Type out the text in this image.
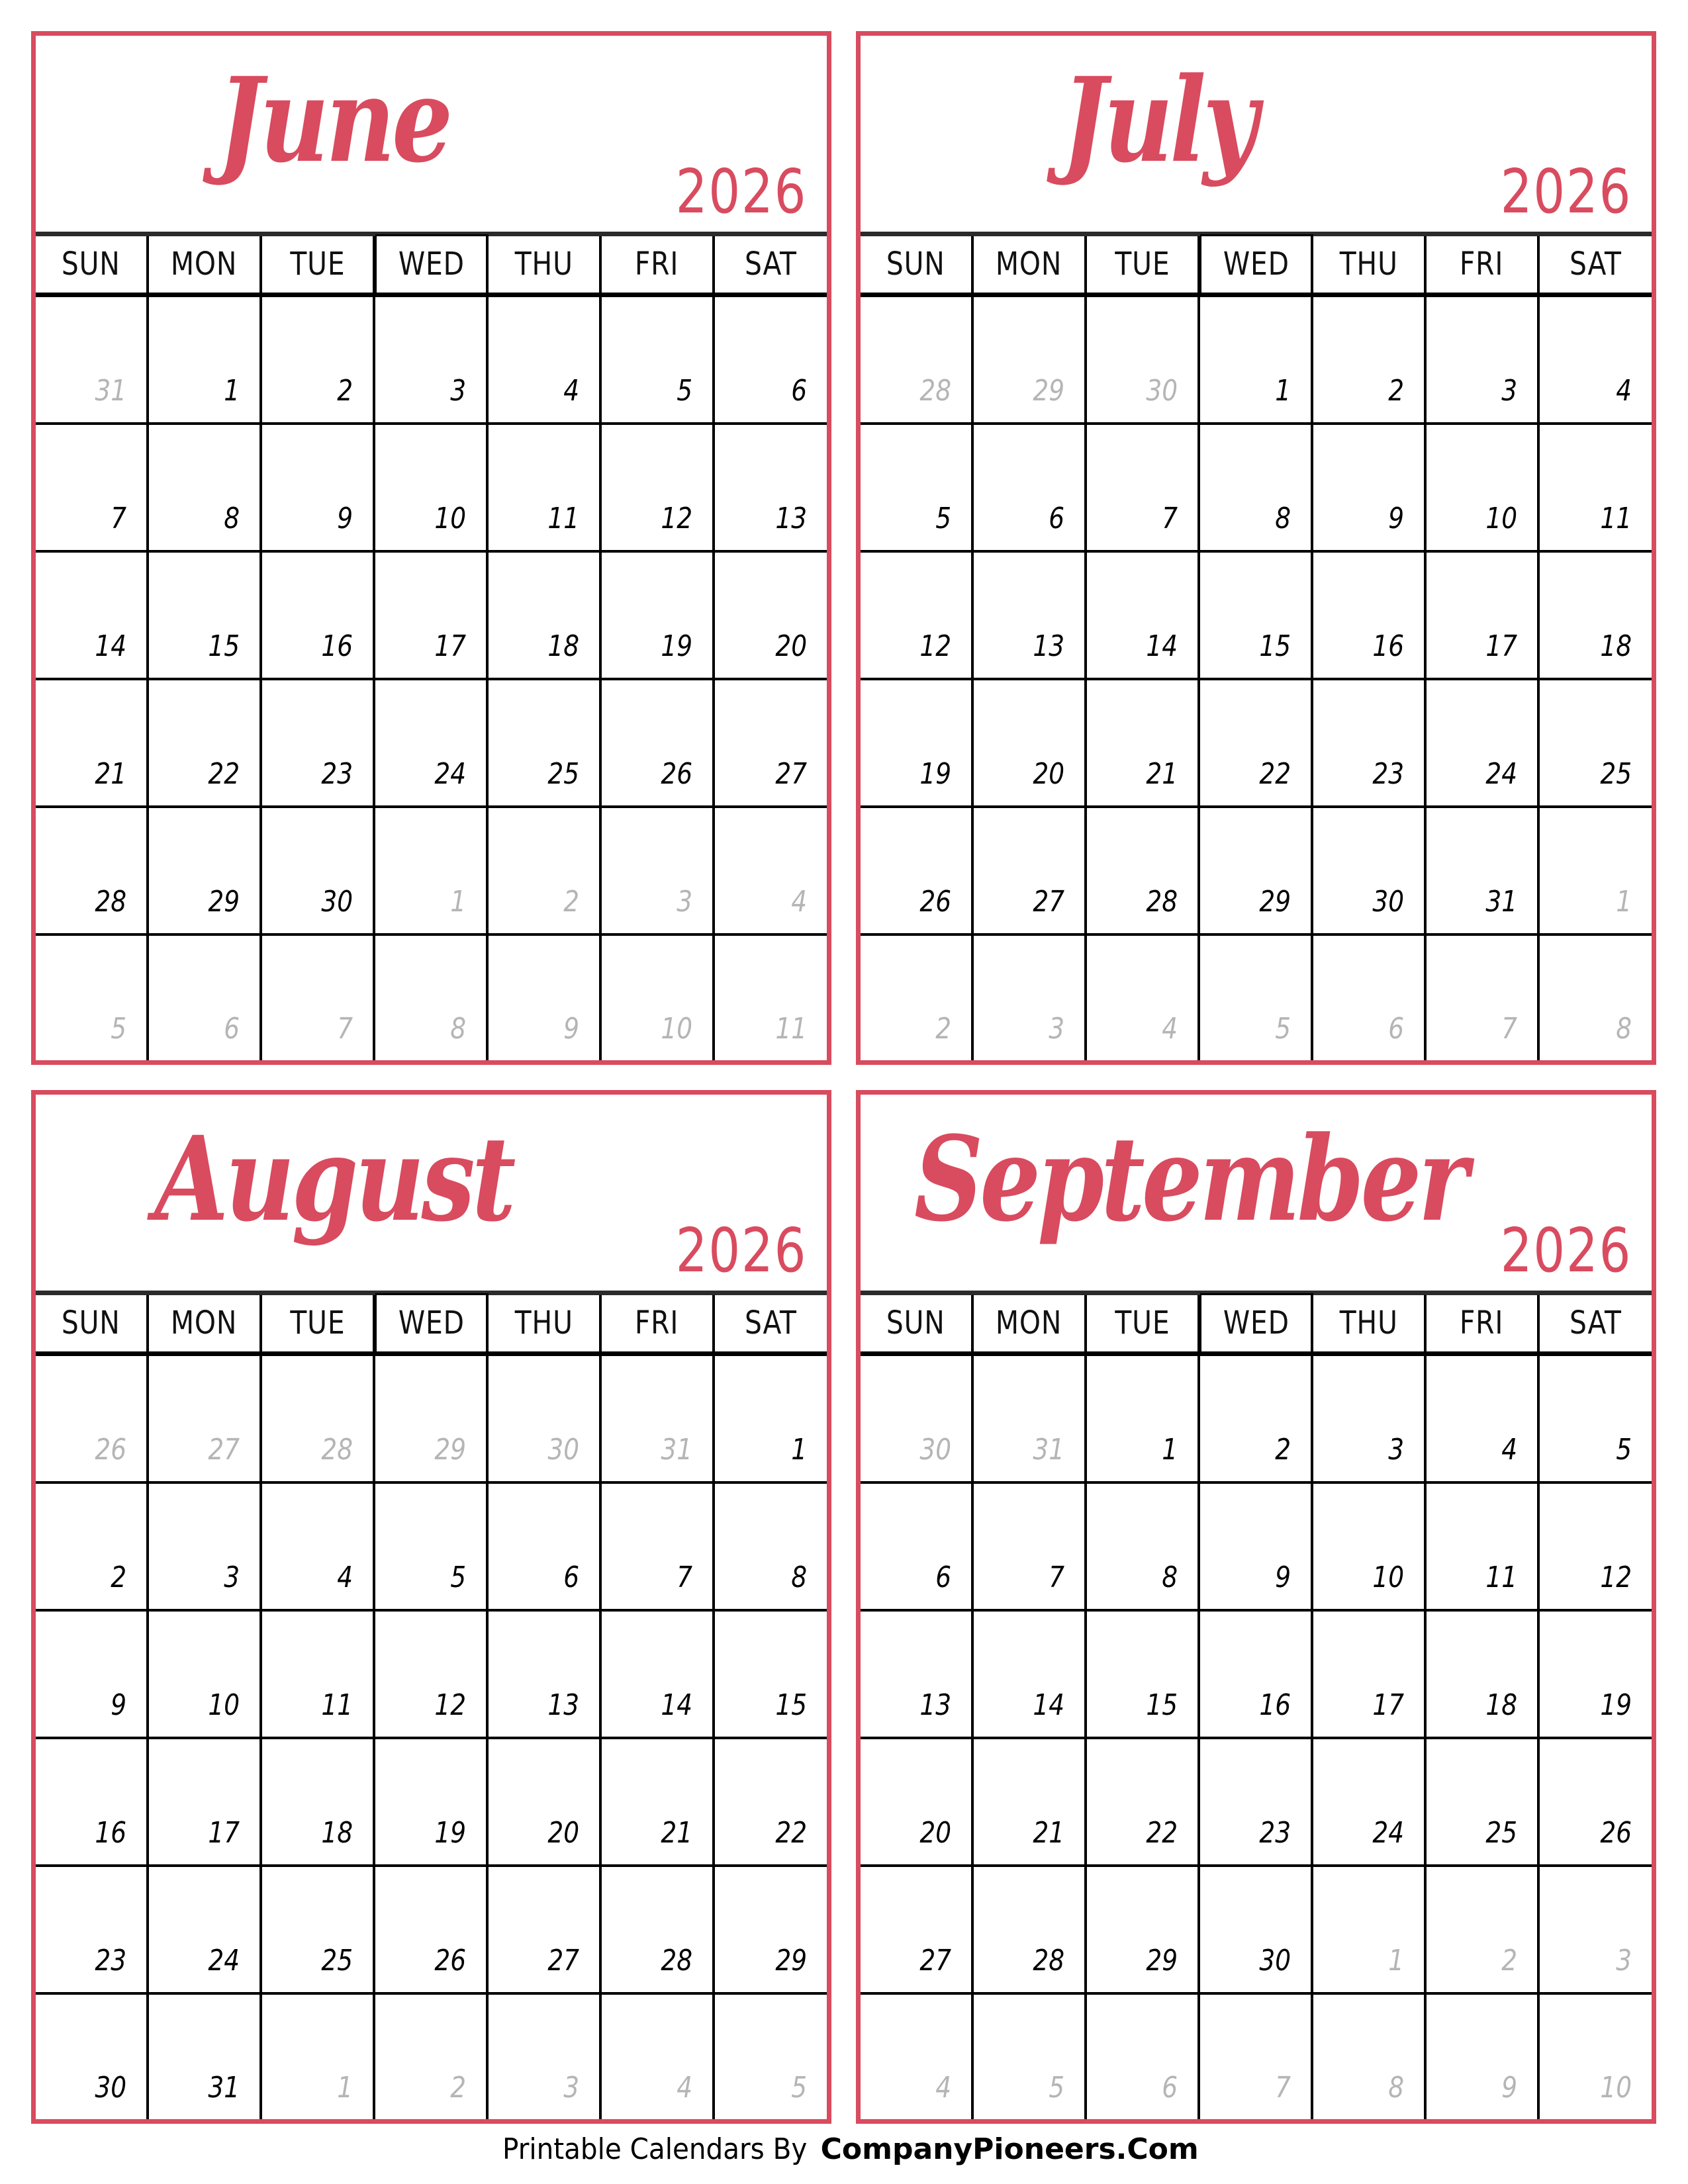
June
2026
SUN	MON	TUE	WED	THU	FRI	SAT
31	1	2	3	4	5	6
7	8	9	10	11	12	13
14	15	16	17	18	19	20
21	22	23	24	25	26	27
28	29	30	1	2	3	4
5	6	7	8	9	10	11
July
2026
SUN	MON	TUE	WED	THU	FRI	SAT
28	29	30	1	2	3	4
5	6	7	8	9	10	11
12	13	14	15	16	17	18
19	20	21	22	23	24	25
26	27	28	29	30	31	1
2	3	4	5	6	7	8
August
2026
SUN	MON	TUE	WED	THU	FRI	SAT
26	27	28	29	30	31	1
2	3	4	5	6	7	8
9	10	11	12	13	14	15
16	17	18	19	20	21	22
23	24	25	26	27	28	29
30	31	1	2	3	4	5
September
2026
SUN	MON	TUE	WED	THU	FRI	SAT
30	31	1	2	3	4	5
6	7	8	9	10	11	12
13	14	15	16	17	18	19
20	21	22	23	24	25	26
27	28	29	30	1	2	3
4	5	6	7	8	9	10
Printable Calendars ByCompanyPioneers.Com
